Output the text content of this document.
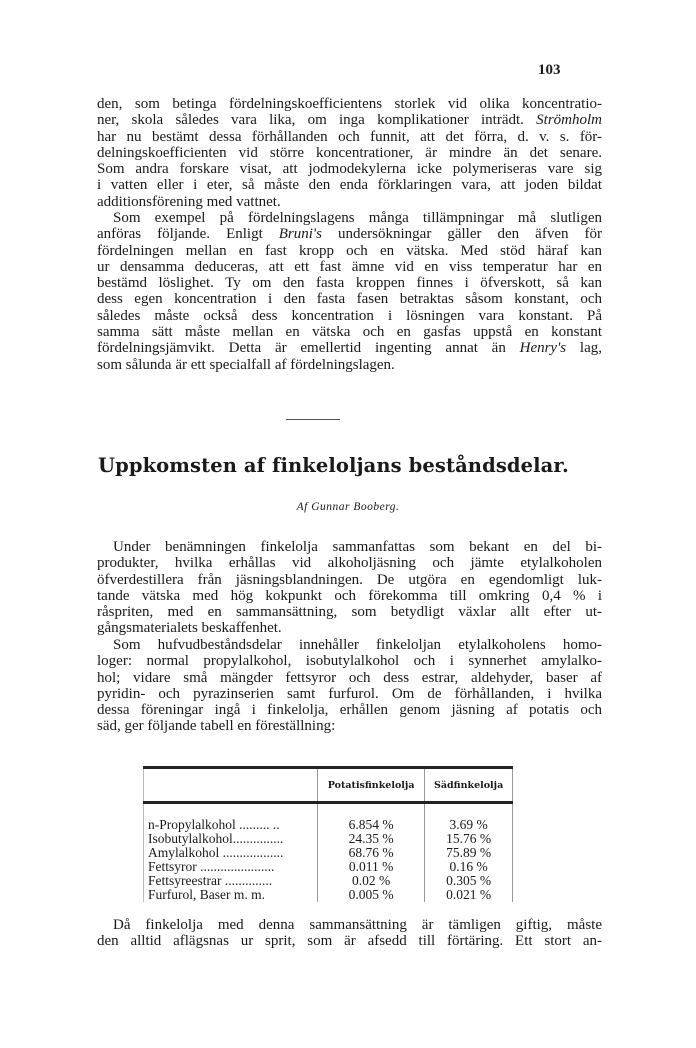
103
den, som betinga fördelningskoefficientens storlek vid olika koncentratio-
ner, skola således vara lika, om inga komplikationer inträdt. Strömholm
har nu bestämt dessa förhållanden och funnit, att det förra, d. v. s. för-
delningskoefficienten vid större koncentrationer, är mindre än det senare.
Som andra forskare visat, att jodmodekylerna icke polymeriseras vare sig
i vatten eller i eter, så måste den enda förklaringen vara, att joden bildat
additionsförening med vattnet.
Som exempel på fördelningslagens många tillämpningar må slutligen
anföras följande. Enligt Bruni's undersökningar gäller den äfven för
fördelningen mellan en fast kropp och en vätska. Med stöd häraf kan
ur densamma deduceras, att ett fast ämne vid en viss temperatur har en
bestämd löslighet. Ty om den fasta kroppen finnes i öfverskott, så kan
dess egen koncentration i den fasta fasen betraktas såsom konstant, och
således måste också dess koncentration i lösningen vara konstant. På
samma sätt måste mellan en vätska och en gasfas uppstå en konstant
fördelningsjämvikt. Detta är emellertid ingenting annat än Henry's lag,
som sålunda är ett specialfall af fördelningslagen.
Uppkomsten af finkeloljans beståndsdelar.
Af Gunnar Booberg.
Under benämningen finkelolja sammanfattas som bekant en del bi-
produkter, hvilka erhållas vid alkoholjäsning och jämte etylalkoholen
öfverdestillera från jäsningsblandningen. De utgöra en egendomligt luk-
tande vätska med hög kokpunkt och förekomma till omkring 0,4 % i
råspriten, med en sammansättning, som betydligt växlar allt efter ut-
gångsmaterialets beskaffenhet.
Som hufvudbeståndsdelar innehåller finkeloljan etylalkoholens homo-
loger: normal propylalkohol, isobutylalkohol och i synnerhet amylalko-
hol; vidare små mängder fettsyror och dess estrar, aldehyder, baser af
pyridin- och pyrazinserien samt furfurol. Om de förhållanden, i hvilka
dessa föreningar ingå i finkelolja, erhållen genom jäsning af potatis och
säd, ger följande tabell en föreställning:
	Potatisfinkelolja	Sädfinkelolja

n-Propylalkohol ......... ..	6.854 %	3.69 %
Isobutylalkohol...............	24.35 %	15.76 %
Amylalkohol ..................	68.76 %	75.89 %
Fettsyror ......................	0.011 %	0.16 %
Fettsyreestrar ..............	0.02 %	0.305 %
Furfurol, Baser m. m.	0.005 %	0.021 %
Då finkelolja med denna sammansättning är tämligen giftig, måste
den alltid aflägsnas ur sprit, som är afsedd till förtäring. Ett stort an-
